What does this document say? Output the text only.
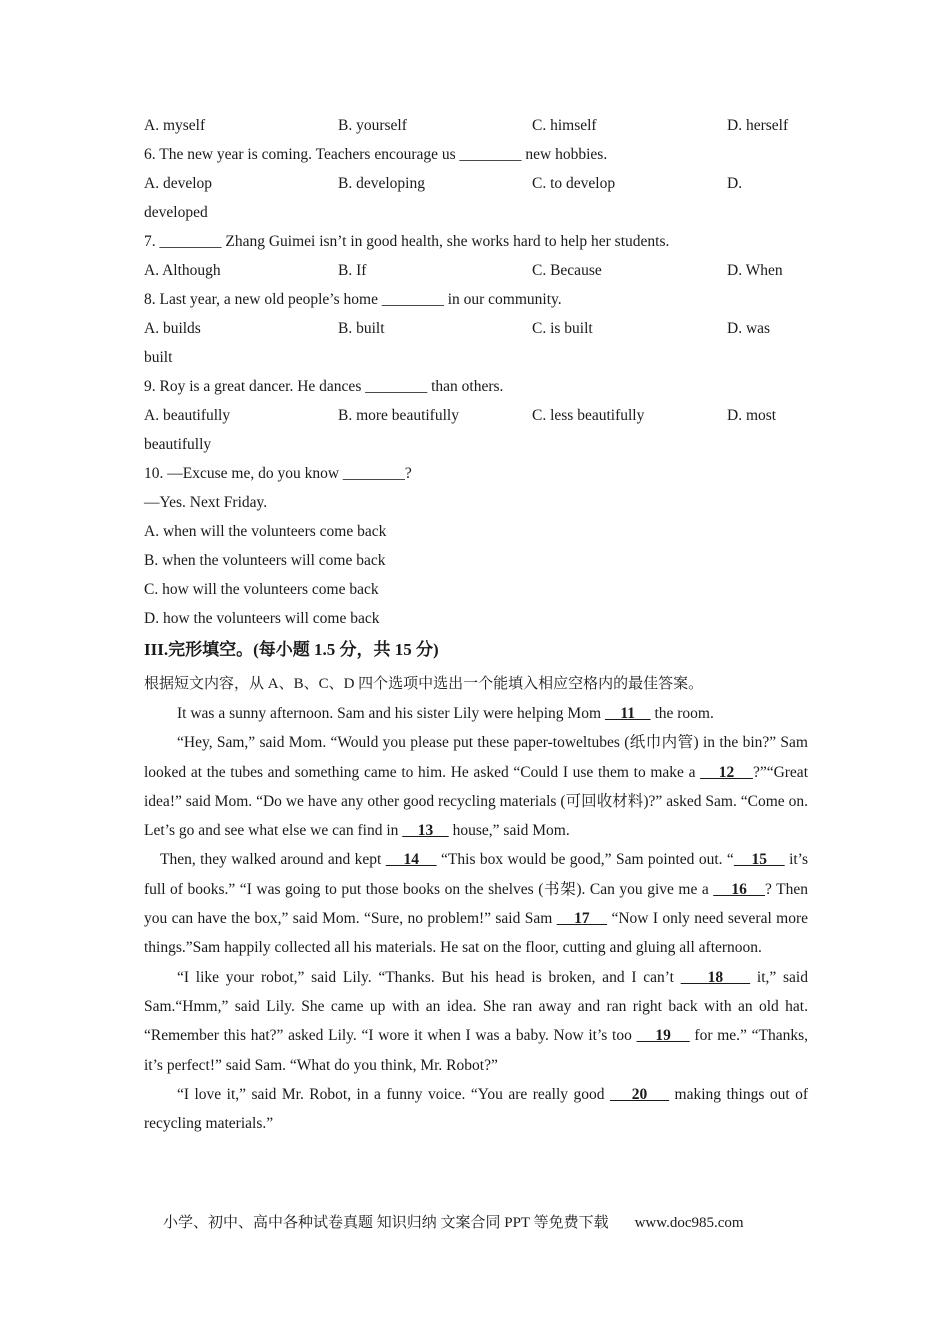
A. myself	B. yourself	C. himself	D. herself
6. The new year is coming. Teachers encourage us ________ new hobbies.
A. develop	B. developing	C. to develop	D.
developed
7. ________ Zhang Guimei isn’t in good health, she works hard to help her students.
A. Although	B. If	C. Because	D. When
8. Last year, a new old people’s home ________ in our community.
A. builds	B. built	C. is built	D. was
built
9. Roy is a great dancer. He dances ________ than others.
A. beautifully	B. more beautifully	C. less beautifully	D. most
beautifully
10. —Excuse me, do you know ________?
—Yes. Next Friday.
A. when will the volunteers come back
B. when the volunteers will come back
C. how will the volunteers come back
D. how the volunteers will come back
III.完形填空。(每小题 1.5 分，共 15 分)
根据短文内容，从 A、B、C、D 四个选项中选出一个能填入相应空格内的最佳答案。

It was a sunny afternoon. Sam and his sister Lily were helping Mom     11     the room.

“Hey, Sam,” said Mom. “Would you please put these paper-toweltubes (纸巾内管) in the bin?” Sam looked at the tubes and something came to him. He asked “Could I use them to make a     12    ?”“Great idea!” said Mom. “Do we have any other good recycling materials (可回收材料)?” asked Sam. “Come on. Let’s go and see what else we can find in     13     house,” said Mom.

Then, they walked around and kept     14     “This box would be good,” Sam pointed out. “    15     it’s full of books.” “I was going to put those books on the shelves (书架). Can you give me a     16    ? Then you can have the box,” said Mom. “Sure, no problem!” said Sam     17     “Now I only need several more things.”Sam happily collected all his materials. He sat on the floor, cutting and gluing all afternoon.

“I like your robot,” said Lily. “Thanks. But his head is broken, and I can’t     18     it,” said Sam.“Hmm,” said Lily. She came up with an idea. She ran away and ran right back with an old hat. “Remember this hat?” asked Lily. “I wore it when I was a baby. Now it’s too     19     for me.” “Thanks, it’s perfect!” said Sam. “What do you think, Mr. Robot?”

“I love it,” said Mr. Robot, in a funny voice. “You are really good     20     making things out of recycling materials.”

小学、初中、高中各种试卷真题 知识归纳 文案合同 PPT 等免费下载 www.doc985.com
